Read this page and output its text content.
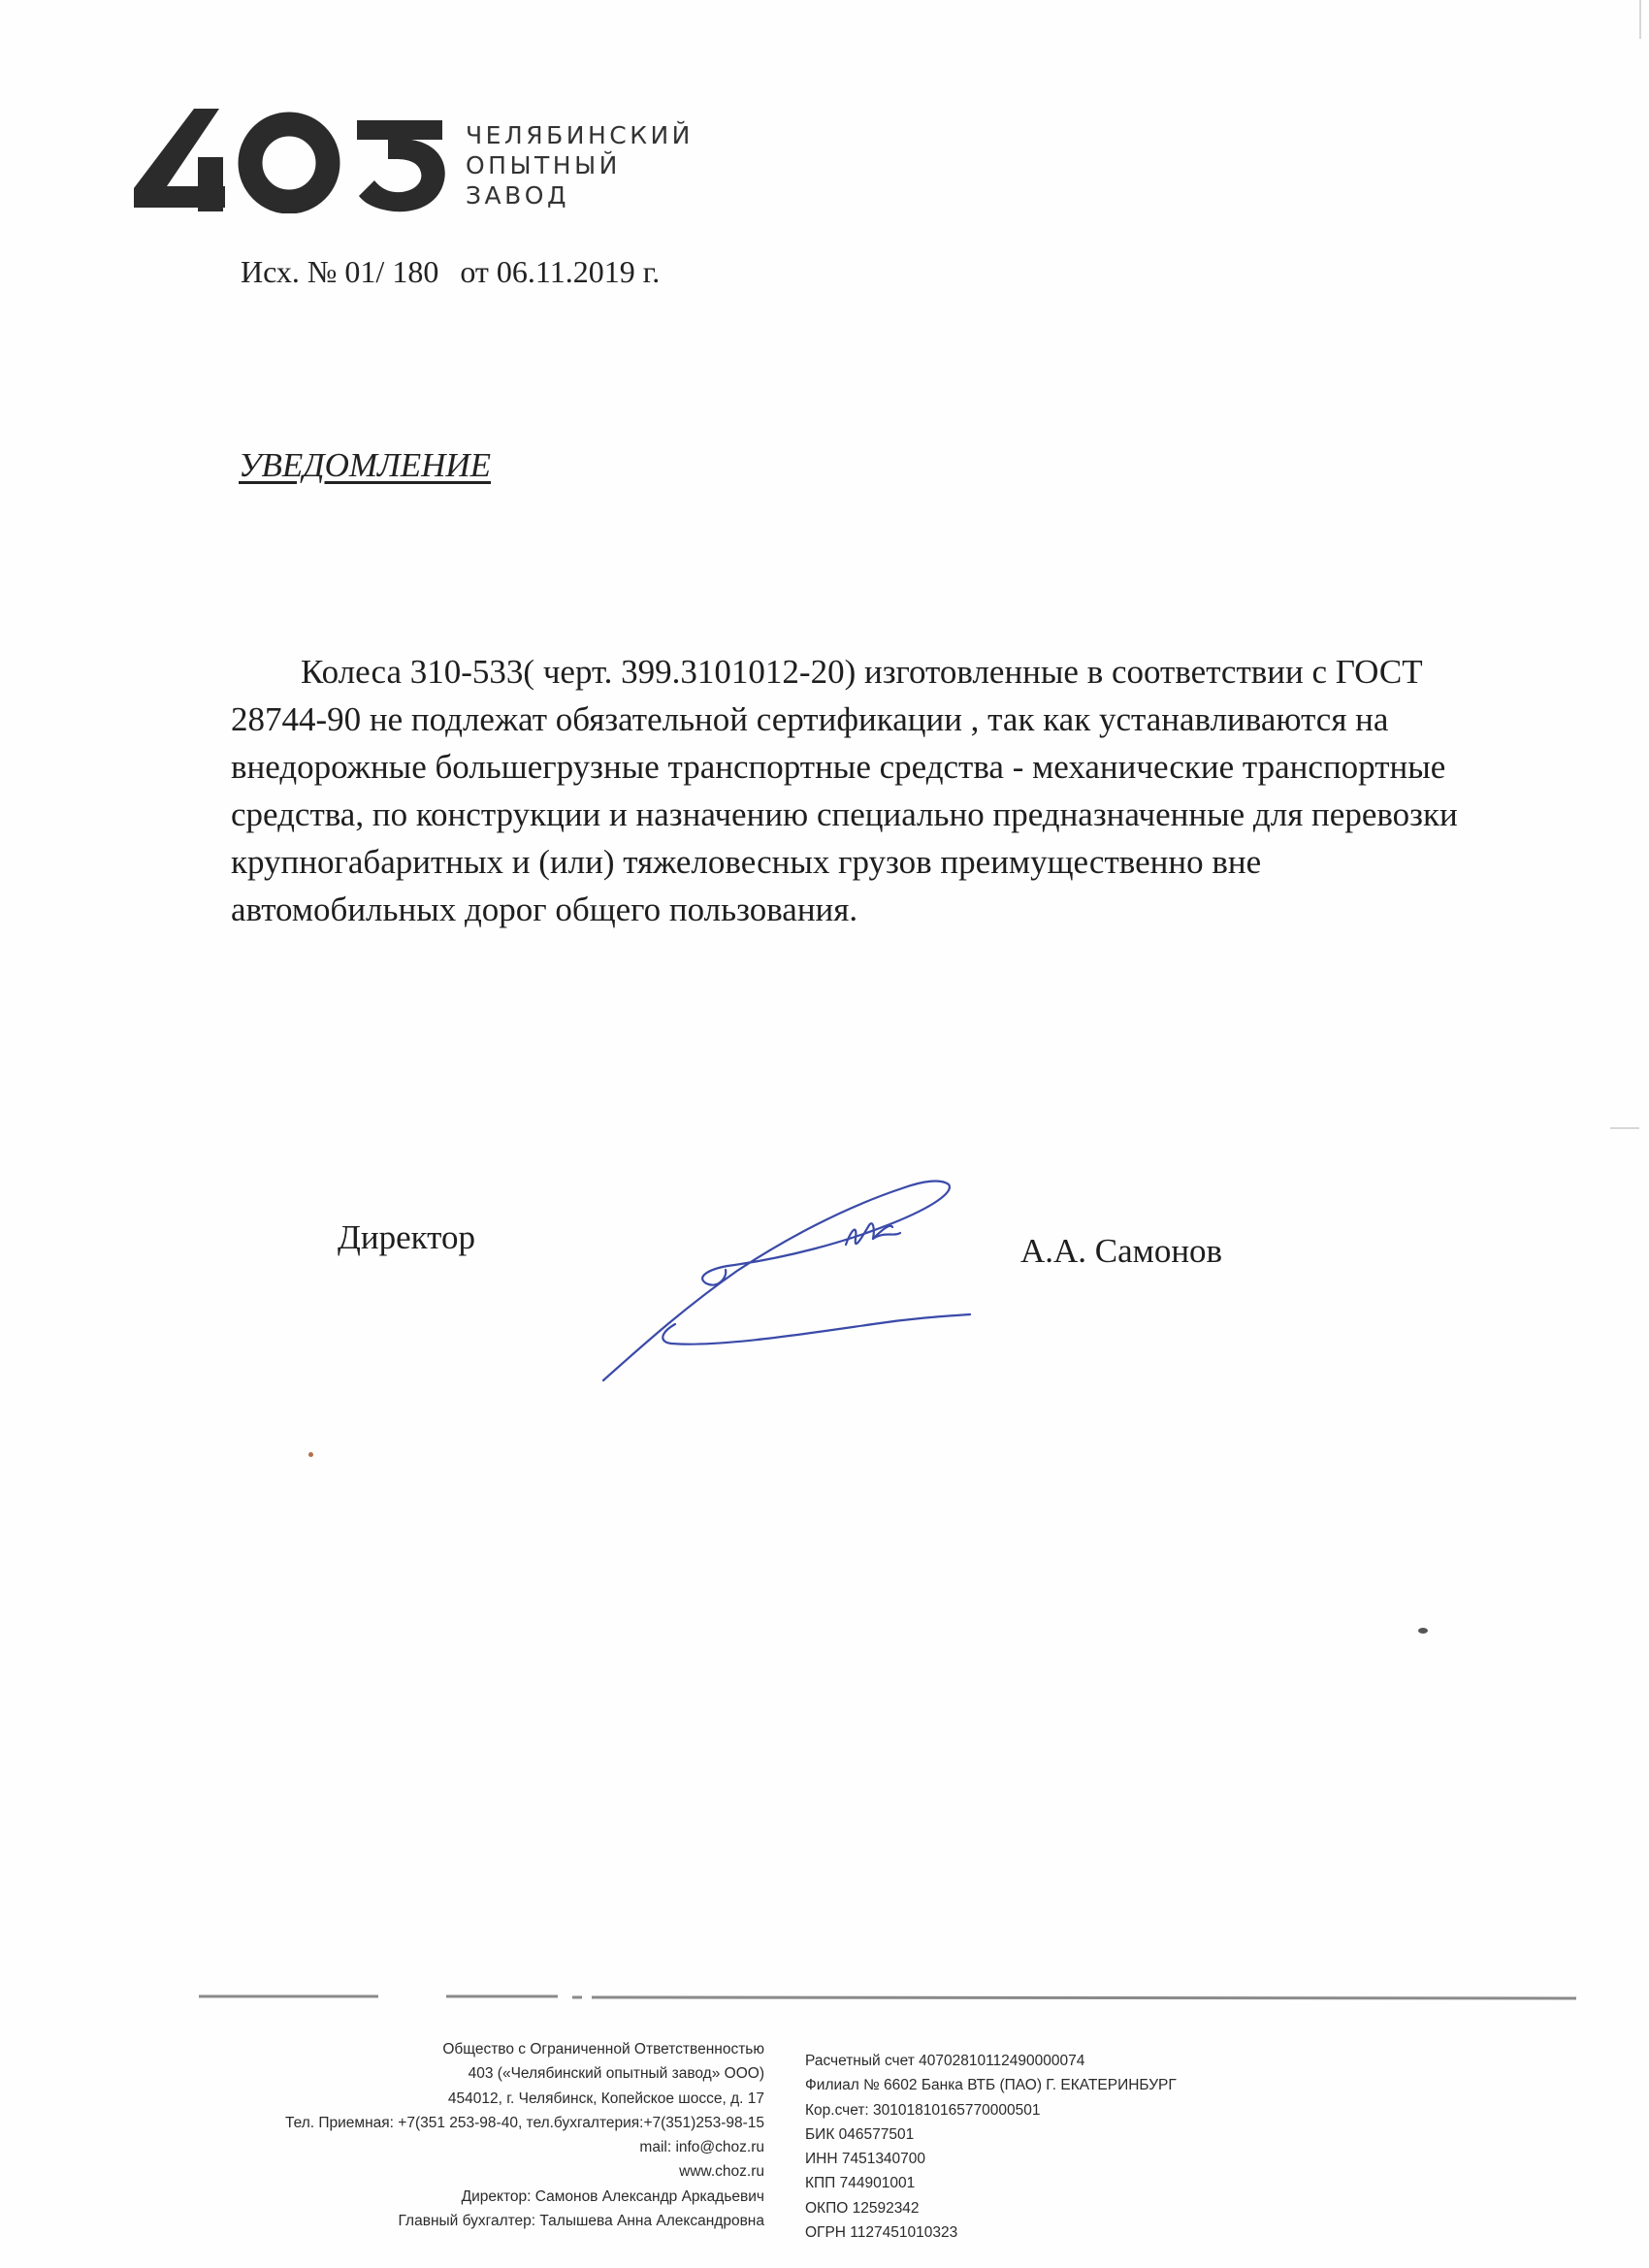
ЧЕЛЯБИНСКИЙ
ОПЫТНЫЙ
ЗАВОД
Исх. № 01/ 180 от 06.11.2019 г.
УВЕДОМЛЕНИЕ

Колеса 310-533( черт. 399.3101012-20) изготовленные в соответствии с ГОСТ 28744-90 не подлежат обязательной сертификации , так как устанавливаются на внедорожные большегрузные транспортные средства - механические транспортные средства, по конструкции и назначению специально предназначенные для перевозки крупногабаритных и (или) тяжеловесных грузов преимущественно вне автомобильных дорог общего пользования.

Директор	А.А. Самонов
Общество с Ограниченной Ответственностью
403 («Челябинский опытный завод» ООО)
454012, г. Челябинск, Копейское шоссе, д. 17
Тел. Приемная: +7(351 253-98-40, тел.бухгалтерия:+7(351)253-98-15
mail: info@choz.ru
www.choz.ru
Директор: Самонов Александр Аркадьевич
Главный бухгалтер: Талышева Анна Александровна
Расчетный счет 40702810112490000074
Филиал № 6602 Банка ВТБ (ПАО) Г. ЕКАТЕРИНБУРГ
Кор.счет: 30101810165770000501
БИК 046577501
ИНН 7451340700
КПП 744901001
ОКПО 12592342
ОГРН 1127451010323
